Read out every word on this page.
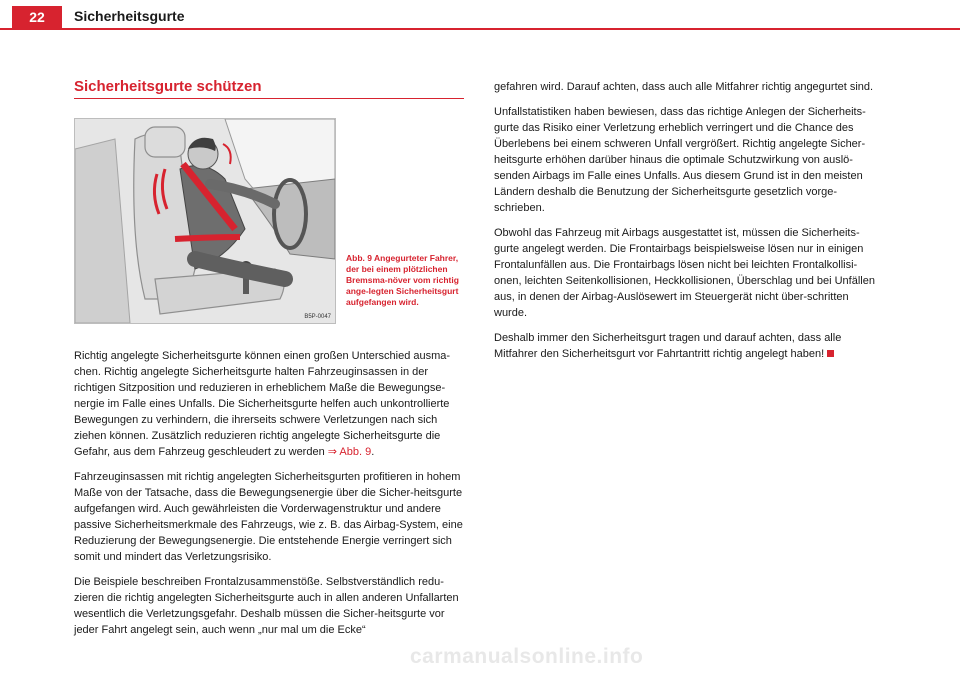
22	Sicherheitsgurte
Sicherheitsgurte schützen
B5P-0047
Abb. 9 Angegurteter Fahrer, der bei einem plötzlichen Bremsma-növer vom richtig ange-legten Sicherheitsgurt aufgefangen wird.

Richtig angelegte Sicherheitsgurte können einen großen Unterschied ausma-chen. Richtig angelegte Sicherheitsgurte halten Fahrzeuginsassen in der richtigen Sitzposition und reduzieren in erheblichem Maße die Bewegungse-nergie im Falle eines Unfalls. Die Sicherheitsgurte helfen auch unkontrollierte Bewegungen zu verhindern, die ihrerseits schwere Verletzungen nach sich ziehen können. Zusätzlich reduzieren richtig angelegte Sicherheitsgurte die Gefahr, aus dem Fahrzeug geschleudert zu werden ⇒ Abb. 9.

Fahrzeuginsassen mit richtig angelegten Sicherheitsgurten profitieren in hohem Maße von der Tatsache, dass die Bewegungsenergie über die Sicher-heitsgurte aufgefangen wird. Auch gewährleisten die Vorderwagenstruktur und andere passive Sicherheitsmerkmale des Fahrzeugs, wie z. B. das Airbag-System, eine Reduzierung der Bewegungsenergie. Die entstehende Energie verringert sich somit und mindert das Verletzungsrisiko.

Die Beispiele beschreiben Frontalzusammenstöße. Selbstverständlich redu-zieren die richtig angelegten Sicherheitsgurte auch in allen anderen Unfallarten wesentlich die Verletzungsgefahr. Deshalb müssen die Sicher-heitsgurte vor jeder Fahrt angelegt sein, auch wenn „nur mal um die Ecke“

gefahren wird. Darauf achten, dass auch alle Mitfahrer richtig angegurtet sind.

Unfallstatistiken haben bewiesen, dass das richtige Anlegen der Sicherheits-gurte das Risiko einer Verletzung erheblich verringert und die Chance des Überlebens bei einem schweren Unfall vergrößert. Richtig angelegte Sicher-heitsgurte erhöhen darüber hinaus die optimale Schutzwirkung von auslö-senden Airbags im Falle eines Unfalls. Aus diesem Grund ist in den meisten Ländern deshalb die Benutzung der Sicherheitsgurte gesetzlich vorge-schrieben.

Obwohl das Fahrzeug mit Airbags ausgestattet ist, müssen die Sicherheits-gurte angelegt werden. Die Frontairbags beispielsweise lösen nur in einigen Frontalunfällen aus. Die Frontairbags lösen nicht bei leichten Frontalkollisi-onen, leichten Seitenkollisionen, Heckkollisionen, Überschlag und bei Unfällen aus, in denen der Airbag-Auslösewert im Steuergerät nicht über-schritten wurde.

Deshalb immer den Sicherheitsgurt tragen und darauf achten, dass alle Mitfahrer den Sicherheitsgurt vor Fahrtantritt richtig angelegt haben!

carmanualsonline.info
